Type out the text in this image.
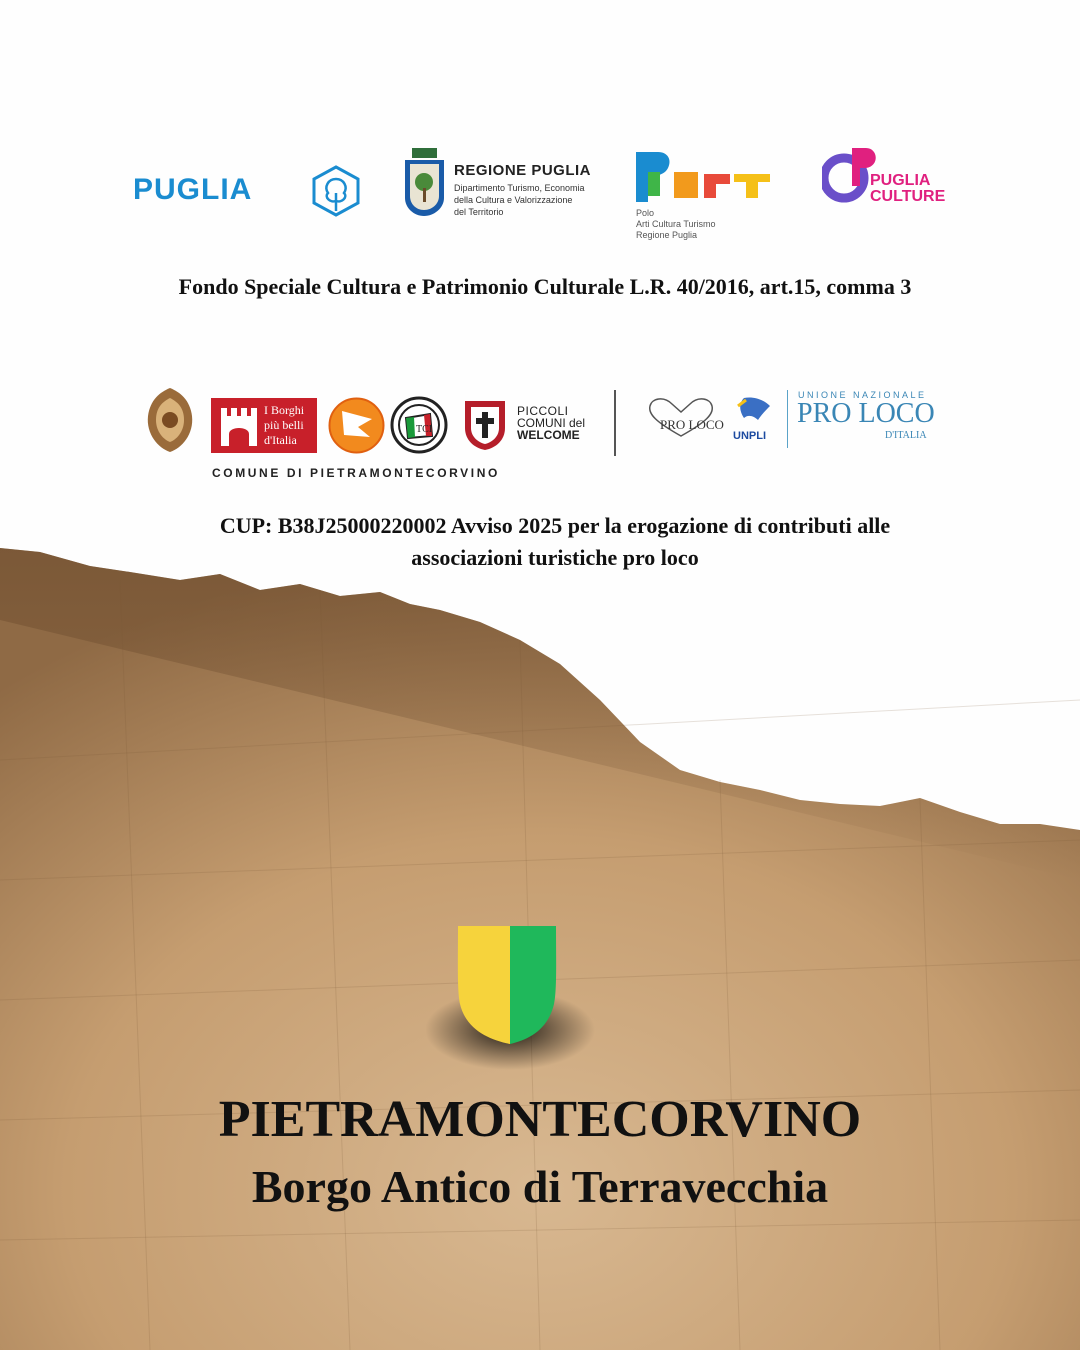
PUGLIA
REGIONE PUGLIA
Dipartimento Turismo, Economia
della Cultura e Valorizzazione
del Territorio	Polo
Arti Cultura Turismo
Regione Puglia
PUGLIA
CULTURE
Fondo Speciale Cultura e Patrimonio Culturale L.R. 40/2016, art.15, comma 3
I Borghi
più belli
d'Italia
TCI
PICCOLI
COMUNI del
WELCOME
PRO LOCO
UNPLI
UNIONE NAZIONALE
PRO LOCO
D'ITALIA
COMUNE DI PIETRAMONTECORVINO
CUP: B38J25000220002 Avviso 2025 per la erogazione di contributi alle
associazioni turistiche pro loco
PIETRAMONTECORVINO
Borgo Antico di Terravecchia
